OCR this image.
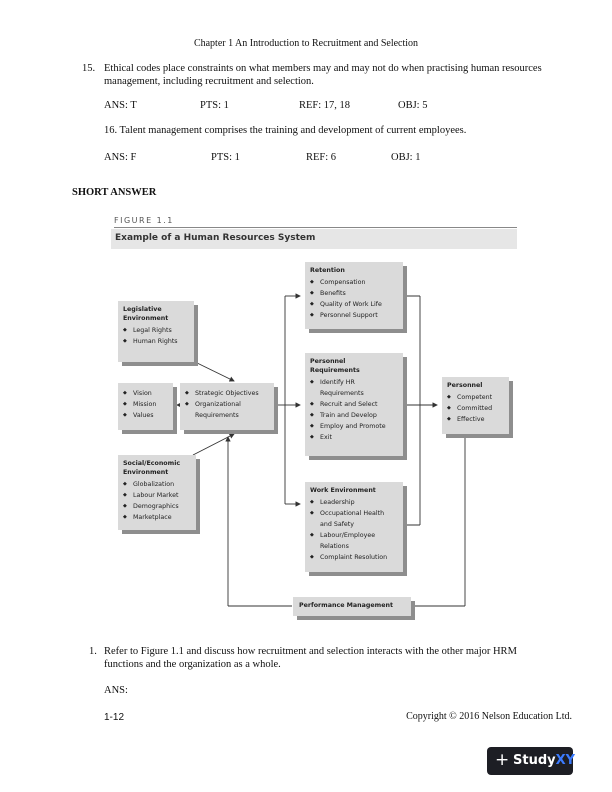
Chapter 1 An Introduction to Recruitment and Selection
15. Ethical codes place constraints on what members may and may not do when practising human resources
management, including recruitment and selection.
ANS: T	PTS: 1	REF: 17, 18	OBJ: 5
16. Talent management comprises the training and development of current employees.
ANS: F	PTS: 1	REF: 6	OBJ: 1
SHORT ANSWER
FIGURE 1.1
Example of a Human Resources System
Legislative
Environment
◆ Legal Rights
◆ Human Rights
◆ Vision
◆ Mission
◆ Values
◆ Strategic Objectives
◆ Organizational
Requirements
Social/Economic
Environment
◆ Globalization
◆ Labour Market
◆ Demographics
◆ Marketplace
Retention
◆ Compensation
◆ Benefits
◆ Quality of Work Life
◆ Personnel Support
Personnel
Requirements
◆ Identify HR
Requirements
◆ Recruit and Select
◆ Train and Develop
◆ Employ and Promote
◆ Exit
Work Environment
◆ Leadership
◆ Occupational Health
and Safety
◆ Labour/Employee
Relations
◆ Complaint Resolution
Personnel
◆ Competent
◆ Committed
◆ Effective
Performance Management
1. Refer to Figure 1.1 and discuss how recruitment and selection interacts with the other major HRM
functions and the organization as a whole.
ANS:
1-12	Copyright © 2016 Nelson Education Ltd.
+ StudyXY
